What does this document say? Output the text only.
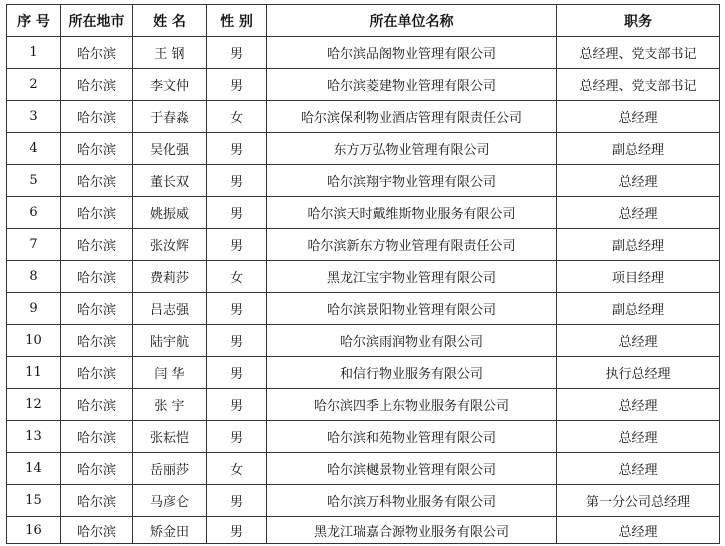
序 号	所在地市	姓 名	性 别	所在单位名称	职务
1	哈尔滨	王 钢	男	哈尔滨品阁物业管理有限公司	总经理、党支部书记
2	哈尔滨	李文仲	男	哈尔滨菱建物业管理有限公司	总经理、党支部书记
3	哈尔滨	于春淼	女	哈尔滨保利物业酒店管理有限责任公司	总经理
4	哈尔滨	吴化强	男	东方万弘物业管理有限公司	副总经理
5	哈尔滨	董长双	男	哈尔滨翔宇物业管理有限公司	总经理
6	哈尔滨	姚振威	男	哈尔滨天时戴维斯物业服务有限公司	总经理
7	哈尔滨	张汝辉	男	哈尔滨新东方物业管理有限责任公司	副总经理
8	哈尔滨	费莉莎	女	黑龙江宝宇物业管理有限公司	项目经理
9	哈尔滨	吕志强	男	哈尔滨景阳物业管理有限公司	副总经理
10	哈尔滨	陆宇航	男	哈尔滨雨润物业有限公司	总经理
11	哈尔滨	闫 华	男	和信行物业服务有限公司	执行总经理
12	哈尔滨	张 宇	男	哈尔滨四季上东物业服务有限公司	总经理
13	哈尔滨	张耘恺	男	哈尔滨和苑物业管理有限公司	总经理
14	哈尔滨	岳丽莎	女	哈尔滨樾景物业管理有限公司	总经理
15	哈尔滨	马彦仑	男	哈尔滨万科物业服务有限公司	第一分公司总经理
16	哈尔滨	矫金田	男	黑龙江瑞嘉合源物业服务有限公司	总经理
